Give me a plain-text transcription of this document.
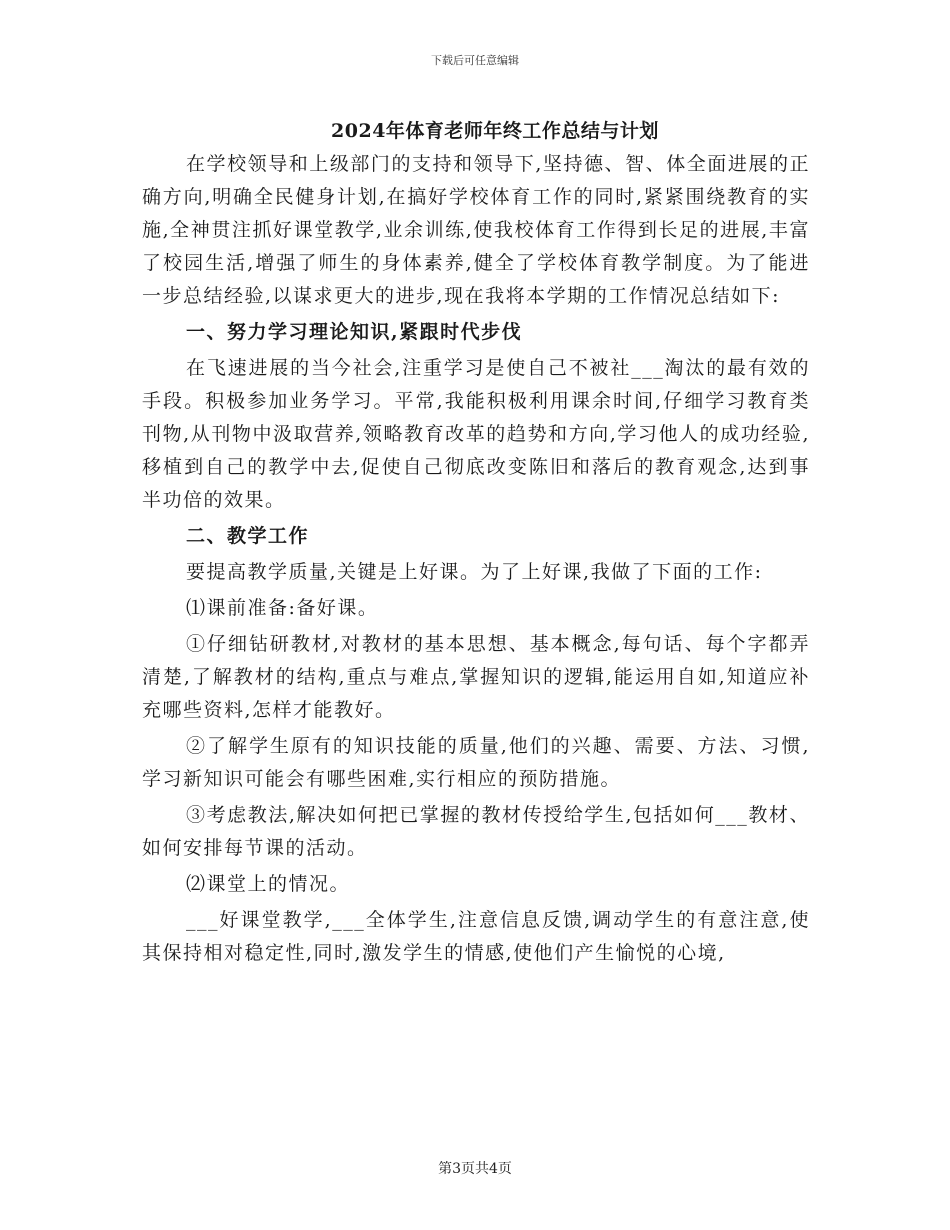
下载后可任意编辑
2024年体育老师年终工作总结与计划

在学校领导和上级部门的支持和领导下,坚持德、智、体全面进展的正确方向,明确全民健身计划,在搞好学校体育工作的同时,紧紧围绕教育的实施,全神贯注抓好课堂教学,业余训练,使我校体育工作得到长足的进展,丰富了校园生活,增强了师生的身体素养,健全了学校体育教学制度。为了能进一步总结经验,以谋求更大的进步,现在我将本学期的工作情况总结如下:

一、努力学习理论知识,紧跟时代步伐

在飞速进展的当今社会,注重学习是使自己不被社___淘汰的最有效的手段。积极参加业务学习。平常,我能积极利用课余时间,仔细学习教育类刊物,从刊物中汲取营养,领略教育改革的趋势和方向,学习他人的成功经验,移植到自己的教学中去,促使自己彻底改变陈旧和落后的教育观念,达到事半功倍的效果。

二、教学工作

要提高教学质量,关键是上好课。为了上好课,我做了下面的工作:

⑴课前准备:备好课。

①仔细钻研教材,对教材的基本思想、基本概念,每句话、每个字都弄清楚,了解教材的结构,重点与难点,掌握知识的逻辑,能运用自如,知道应补充哪些资料,怎样才能教好。

②了解学生原有的知识技能的质量,他们的兴趣、需要、方法、习惯,学习新知识可能会有哪些困难,实行相应的预防措施。

③考虑教法,解决如何把已掌握的教材传授给学生,包括如何___教材、如何安排每节课的活动。

⑵课堂上的情况。

___好课堂教学,___全体学生,注意信息反馈,调动学生的有意注意,使其保持相对稳定性,同时,激发学生的情感,使他们产生愉悦的心境,

第3页共4页
